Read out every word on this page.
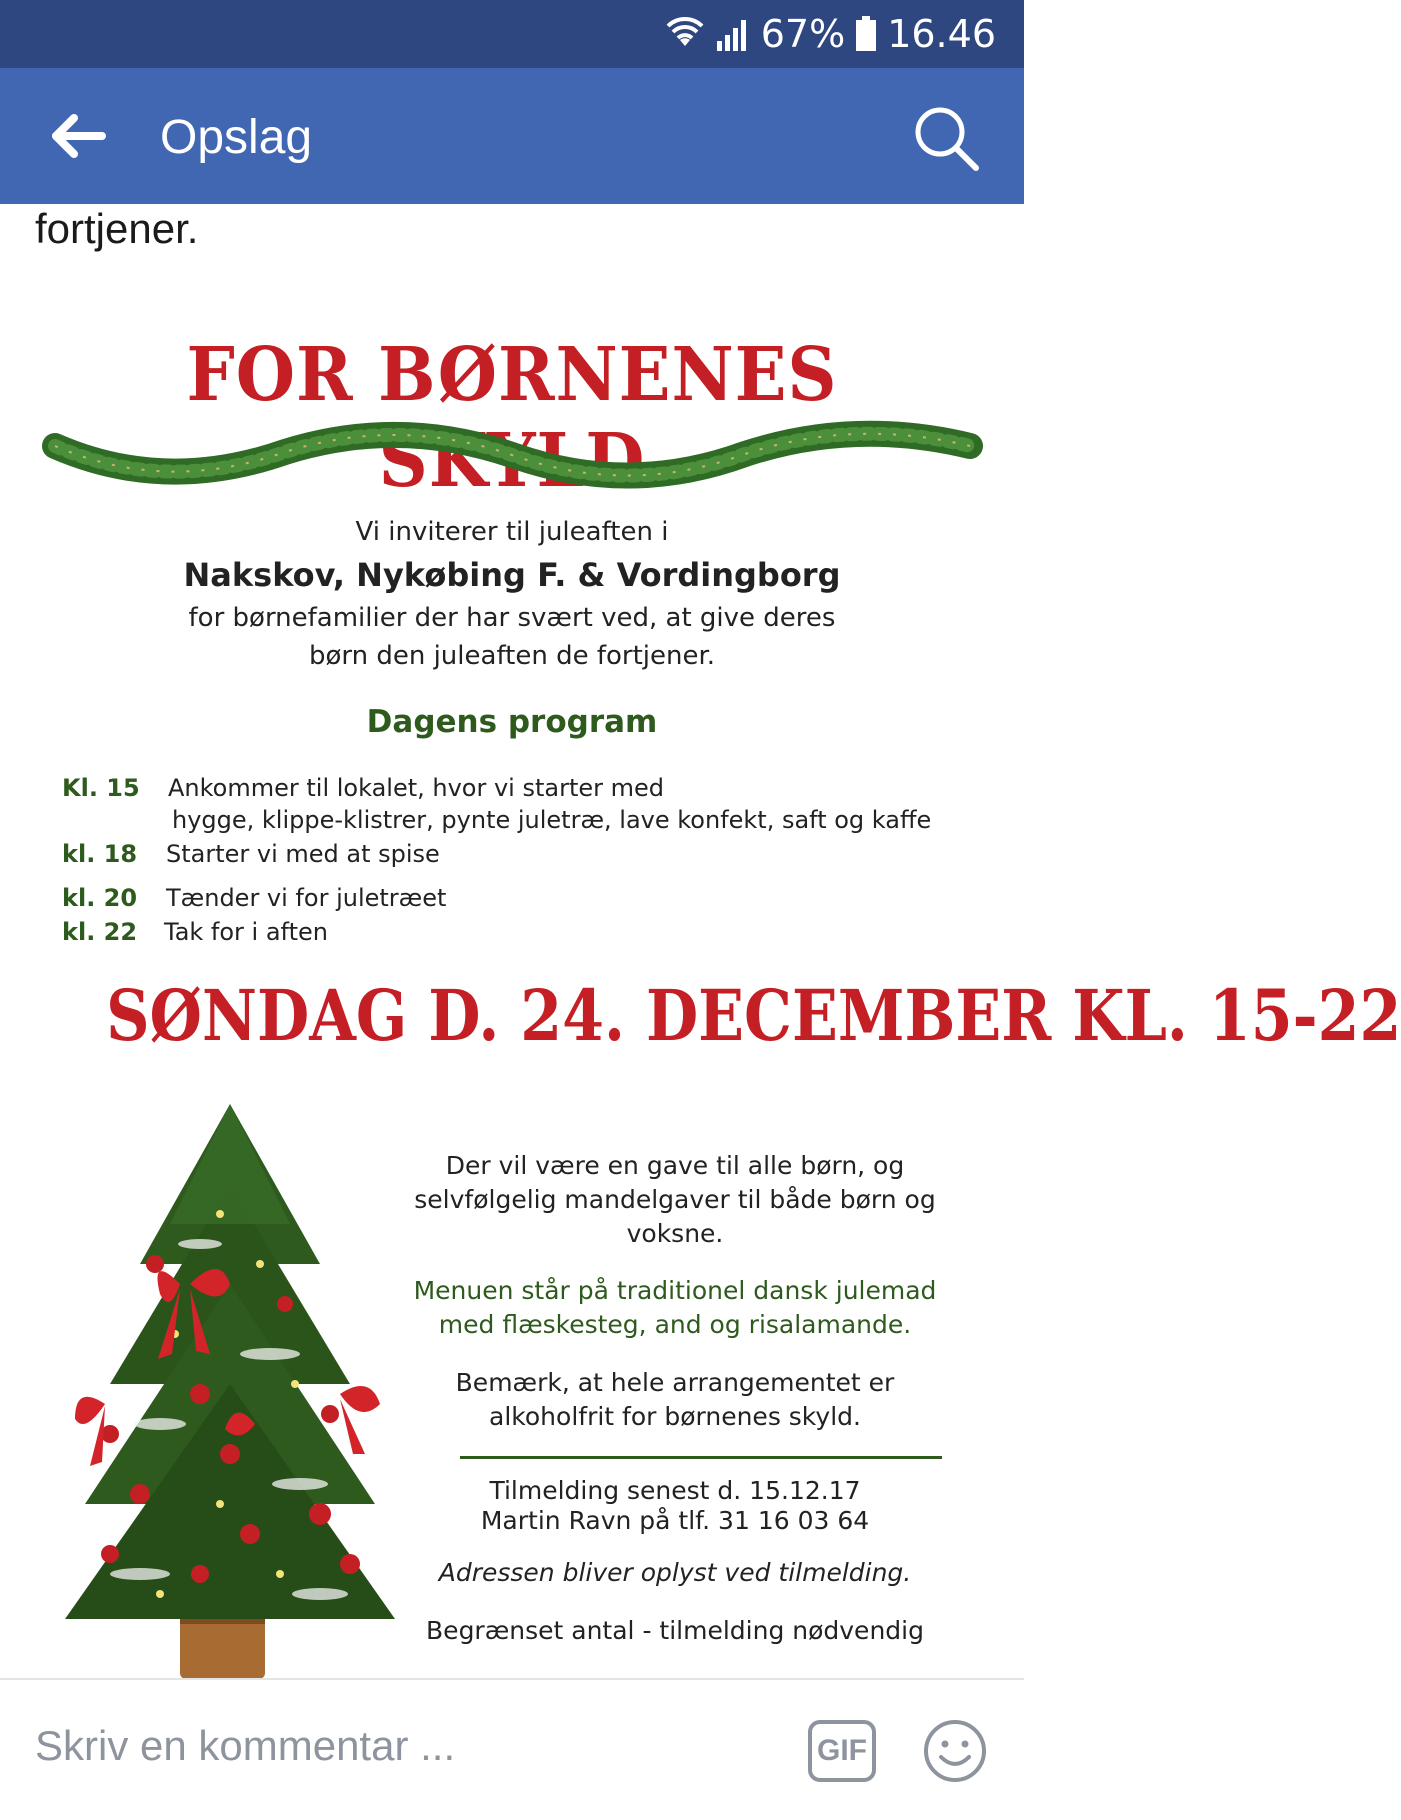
67% 16.46
Opslag
fortjener.
FOR BØRNENES SKYLD
Vi inviterer til juleaften i
Nakskov, Nykøbing F. & Vordingborg
for børnefamilier der har svært ved, at give deres
børn den juleaften de fortjener.
Dagens program
Kl. 15 Ankommer til lokalet, hvor vi starter med
hygge, klippe-klistrer, pynte juletræ, lave konfekt, saft og kaffe
kl. 18 Starter vi med at spise
kl. 20 Tænder vi for juletræet
kl. 22 Tak for i aften
SØNDAG D. 24. DECEMBER KL. 15-22
Der vil være en gave til alle børn, og
selvfølgelig mandelgaver til både børn og
voksne.
Menuen står på traditionel dansk julemad
med flæskesteg, and og risalamande.
Bemærk, at hele arrangementet er
alkoholfrit for børnenes skyld.
Tilmelding senest d. 15.12.17
Martin Ravn på tlf. 31 16 03 64
Adressen bliver oplyst ved tilmelding.
Begrænset antal - tilmelding nødvendig
Skriv en kommentar ...	GIF
